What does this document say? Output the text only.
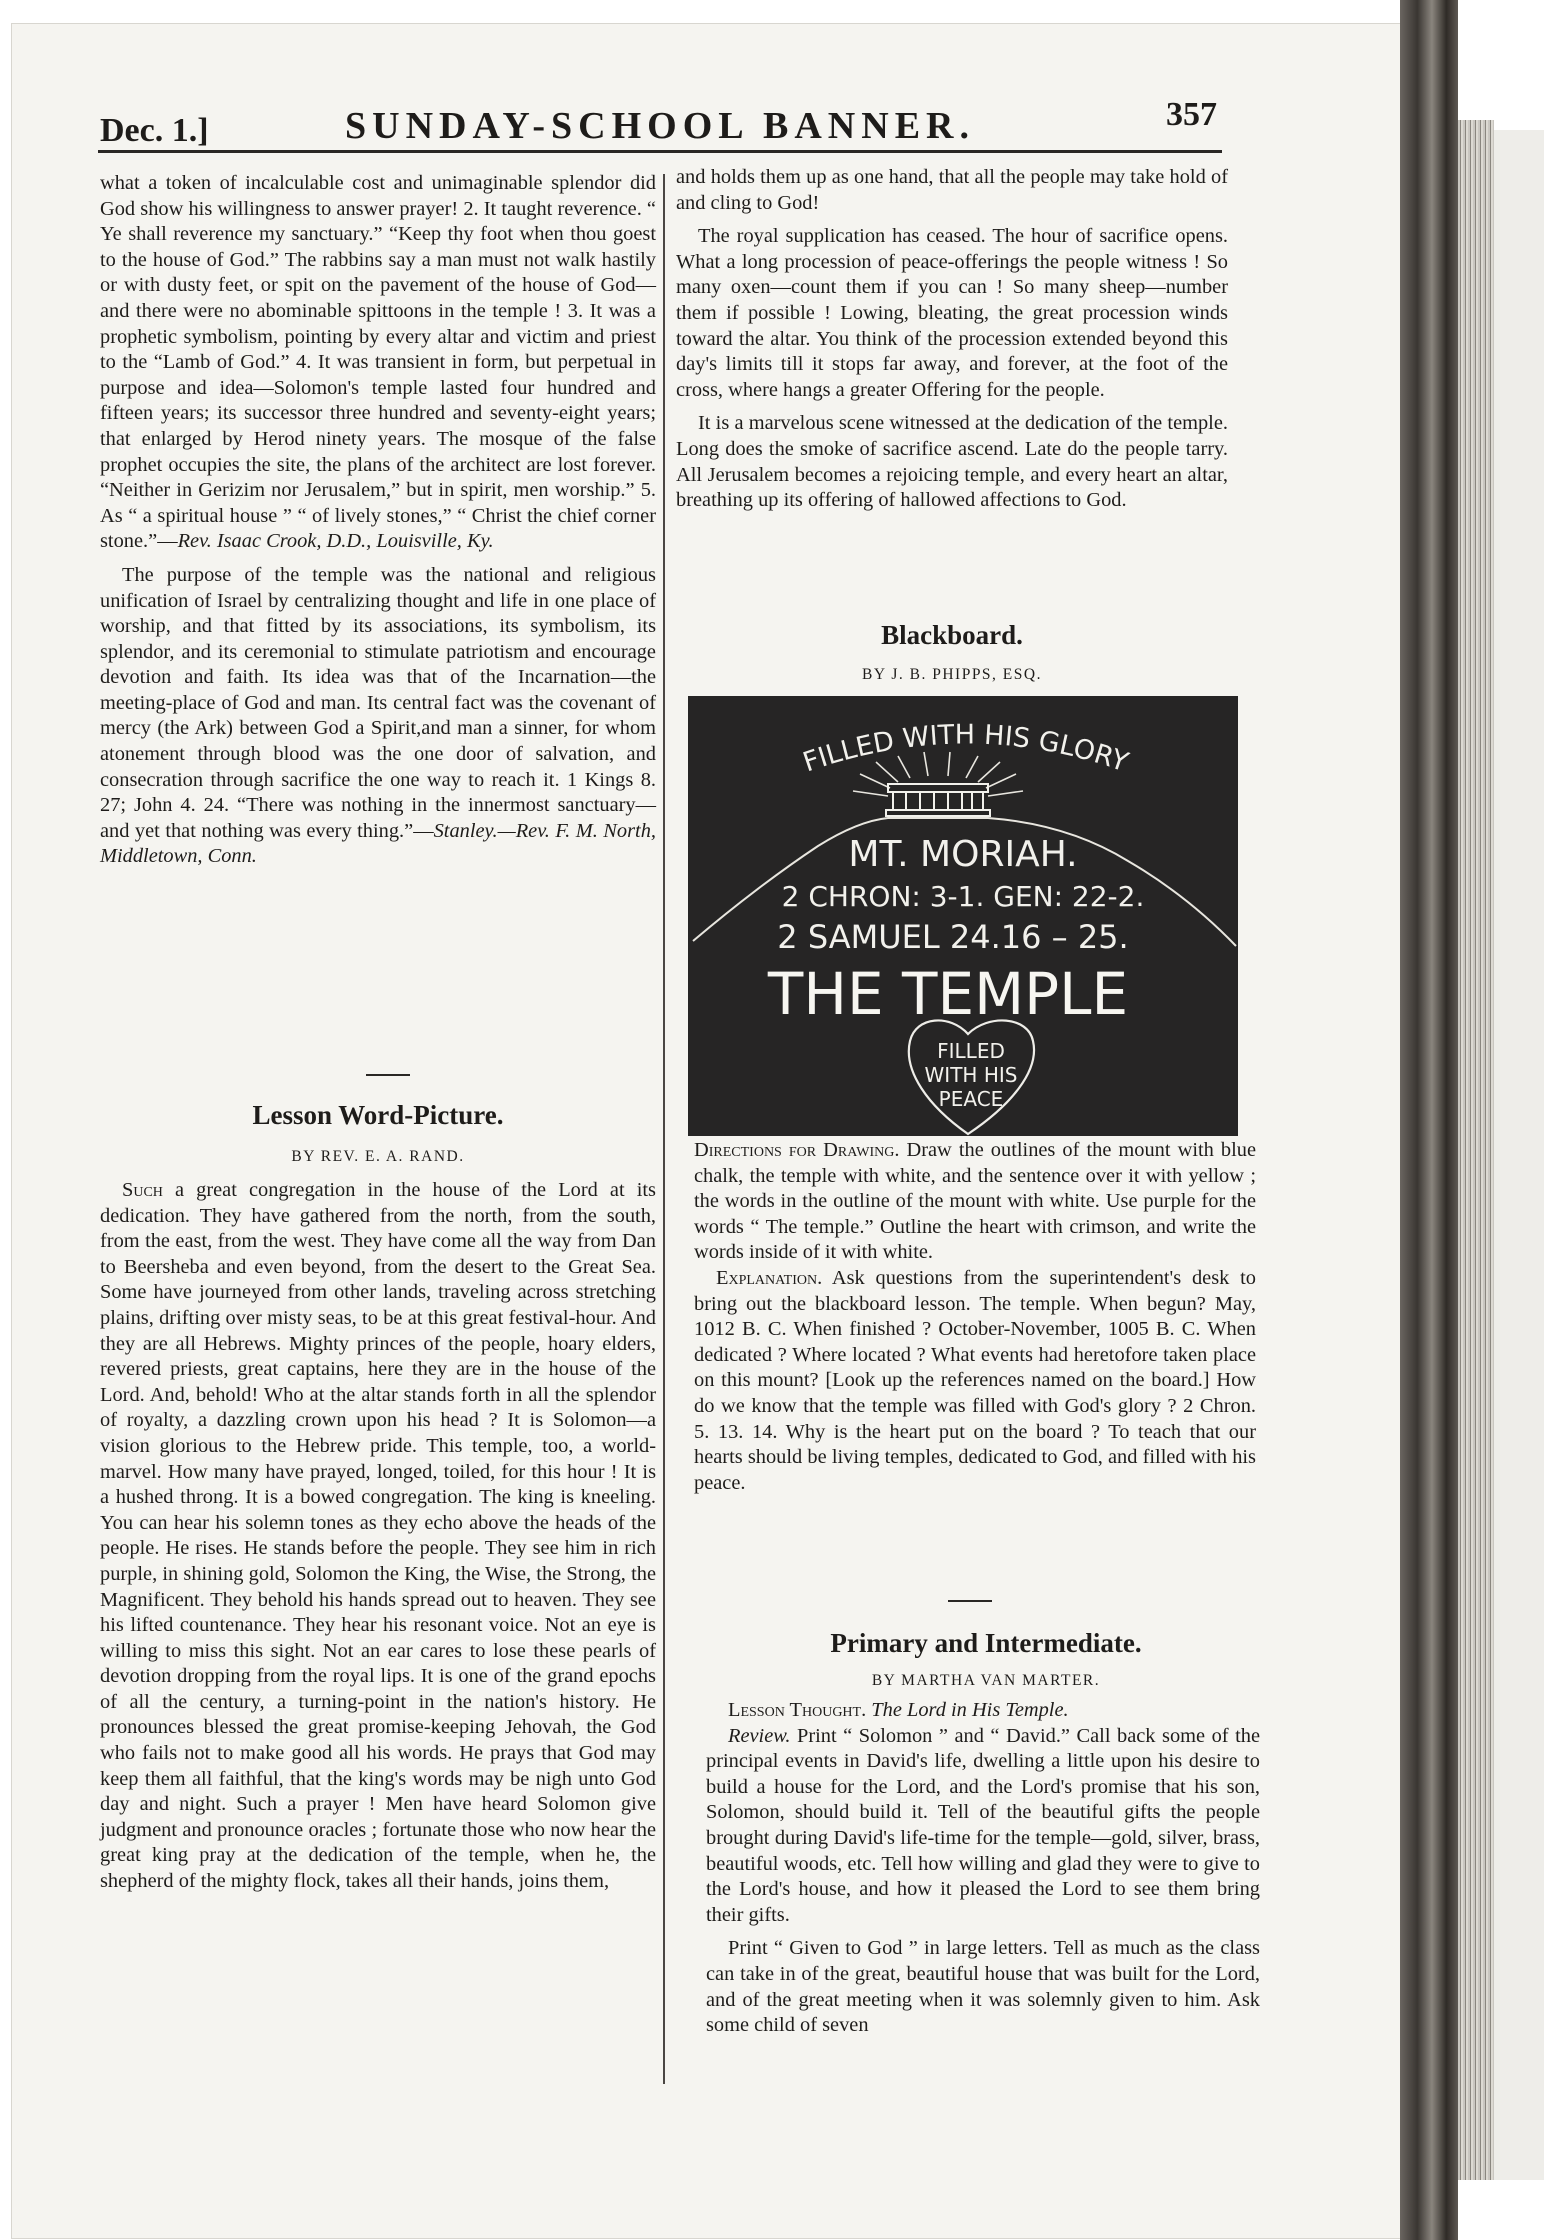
Dec. 1.]	SUNDAY-SCHOOL BANNER.	357

what a token of incalculable cost and unimaginable splendor did God show his willingness to answer prayer! 2. It taught reverence. “ Ye shall reverence my sanctuary.” “Keep thy foot when thou goest to the house of God.” The rabbins say a man must not walk hastily or with dusty feet, or spit on the pavement of the house of God—and there were no abominable spittoons in the temple ! 3. It was a prophetic symbolism, pointing by every altar and victim and priest to the “Lamb of God.” 4. It was transient in form, but perpetual in purpose and idea—Solomon's temple lasted four hundred and fifteen years; its successor three hundred and seventy-eight years; that enlarged by Herod ninety years. The mosque of the false prophet occupies the site, the plans of the architect are lost forever. “Neither in Gerizim nor Jerusalem,” but in spirit, men worship.” 5. As “ a spiritual house ” “ of lively stones,” “ Christ the chief corner stone.”—Rev. Isaac Crook, D.D., Louisville, Ky.

The purpose of the temple was the national and religious unification of Israel by centralizing thought and life in one place of worship, and that fitted by its associations, its symbolism, its splendor, and its ceremonial to stimulate patriotism and encourage devotion and faith. Its idea was that of the Incarnation—the meeting-place of God and man. Its central fact was the covenant of mercy (the Ark) between God a Spirit,and man a sinner, for whom atonement through blood was the one door of salvation, and consecration through sacrifice the one way to reach it. 1 Kings 8. 27; John 4. 24. “There was nothing in the innermost sanctuary—and yet that nothing was every thing.”—Stanley.—Rev. F. M. North, Middletown, Conn.

Lesson Word-Picture.
BY REV. E. A. RAND.

Such a great congregation in the house of the Lord at its dedication. They have gathered from the north, from the south, from the east, from the west. They have come all the way from Dan to Beersheba and even beyond, from the desert to the Great Sea. Some have journeyed from other lands, traveling across stretching plains, drifting over misty seas, to be at this great festival-hour. And they are all Hebrews. Mighty princes of the people, hoary elders, revered priests, great captains, here they are in the house of the Lord. And, behold! Who at the altar stands forth in all the splendor of royalty, a dazzling crown upon his head ? It is Solomon—a vision glorious to the Hebrew pride. This temple, too, a world-marvel. How many have prayed, longed, toiled, for this hour ! It is a hushed throng. It is a bowed congregation. The king is kneeling. You can hear his solemn tones as they echo above the heads of the people. He rises. He stands before the people. They see him in rich purple, in shining gold, Solomon the King, the Wise, the Strong, the Magnificent. They behold his hands spread out to heaven. They see his lifted countenance. They hear his resonant voice. Not an eye is willing to miss this sight. Not an ear cares to lose these pearls of devotion dropping from the royal lips. It is one of the grand epochs of all the century, a turning-point in the nation's history. He pronounces blessed the great promise-keeping Jehovah, the God who fails not to make good all his words. He prays that God may keep them all faithful, that the king's words may be nigh unto God day and night. Such a prayer ! Men have heard Solomon give judgment and pronounce oracles ; fortunate those who now hear the great king pray at the dedication of the temple, when he, the shepherd of the mighty flock, takes all their hands, joins them,

and holds them up as one hand, that all the people may take hold of and cling to God!

The royal supplication has ceased. The hour of sacrifice opens. What a long procession of peace-offerings the people witness ! So many oxen—count them if you can ! So many sheep—number them if possible ! Lowing, bleating, the great procession winds toward the altar. You think of the procession extended beyond this day's limits till it stops far away, and forever, at the foot of the cross, where hangs a greater Offering for the people.

It is a marvelous scene witnessed at the dedication of the temple. Long does the smoke of sacrifice ascend. Late do the people tarry. All Jerusalem becomes a rejoicing temple, and every heart an altar, breathing up its offering of hallowed affections to God.

Blackboard.
BY J. B. PHIPPS, ESQ.
FILLED WITH HIS GLORY
MT. MORIAH.
2 CHRON: 3-1. GEN: 22-2.
2 SAMUEL 24.16 – 25.
THE TEMPLE
FILLED
WITH HIS
PEACE

Directions for Drawing. Draw the outlines of the mount with blue chalk, the temple with white, and the sentence over it with yellow ; the words in the outline of the mount with white. Use purple for the words “ The temple.” Outline the heart with crimson, and write the words inside of it with white.

Explanation. Ask questions from the superintendent's desk to bring out the blackboard lesson. The temple. When begun? May, 1012 B. C. When finished ? October-November, 1005 B. C. When dedicated ? Where located ? What events had heretofore taken place on this mount? [Look up the references named on the board.] How do we know that the temple was filled with God's glory ? 2 Chron. 5. 13. 14. Why is the heart put on the board ? To teach that our hearts should be living temples, dedicated to God, and filled with his peace.

Primary and Intermediate.
BY MARTHA VAN MARTER.

Lesson Thought. The Lord in His Temple.

Review. Print “ Solomon ” and “ David.” Call back some of the principal events in David's life, dwelling a little upon his desire to build a house for the Lord, and the Lord's promise that his son, Solomon, should build it. Tell of the beautiful gifts the people brought during David's life-time for the temple—gold, silver, brass, beautiful woods, etc. Tell how willing and glad they were to give to the Lord's house, and how it pleased the Lord to see them bring their gifts.

Print “ Given to God ” in large letters. Tell as much as the class can take in of the great, beautiful house that was built for the Lord, and of the great meeting when it was solemnly given to him. Ask some child of seven
